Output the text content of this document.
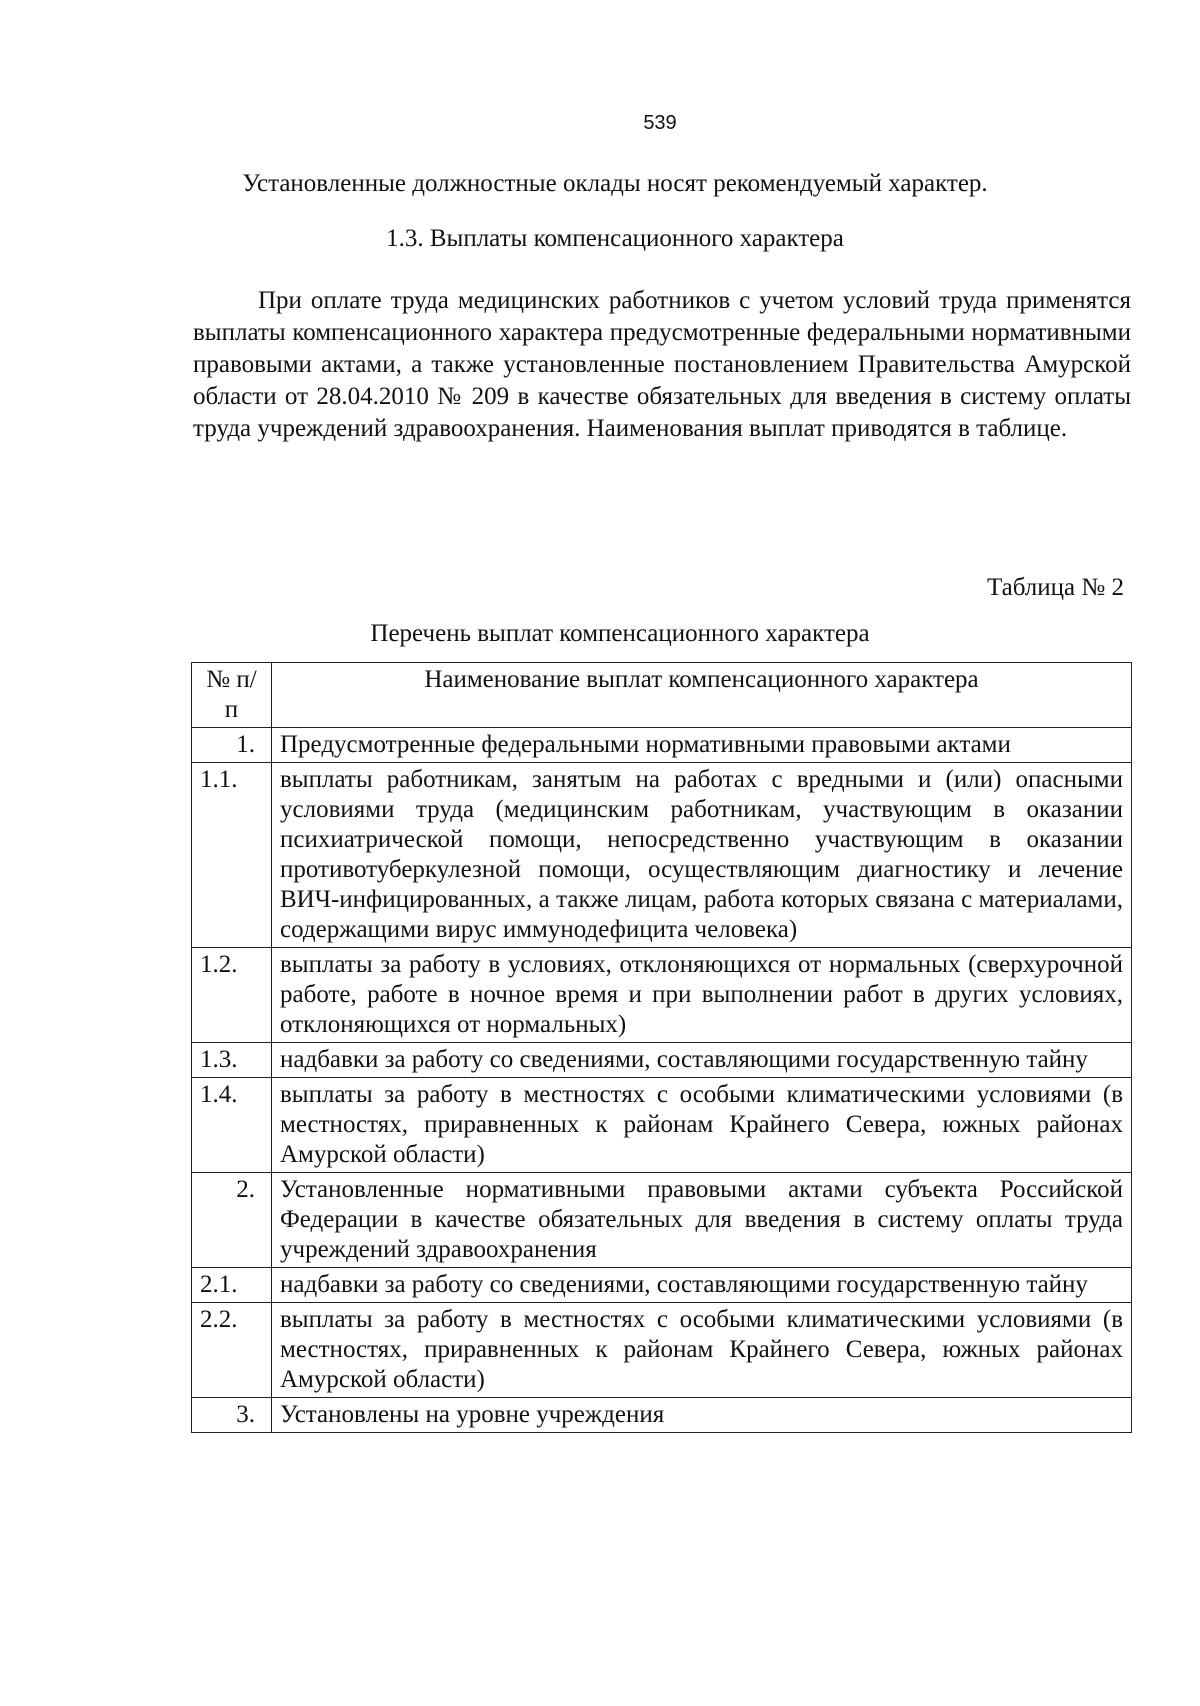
539
Установленные должностные оклады носят рекомендуемый характер.
1.3. Выплаты компенсационного характера

При оплате труда медицинских работников с учетом условий труда применятся выплаты компенсационного характера предусмотренные федеральными нормативными правовыми актами, а также установленные постановлением Правительства Амурской области от 28.04.2010 № 209 в качестве обязательных для введения в систему оплаты труда учреждений здравоохранения. Наименования выплат приводятся в таблице.

Таблица № 2
Перечень выплат компенсационного характера
№ п/п	Наименование выплат компенсационного характера
1.	Предусмотренные федеральными нормативными правовыми актами
1.1.	выплаты работникам, занятым на работах с вредными и (или) опасными условиями труда (медицинским работникам, участвующим в оказании психиатрической помощи, непосредственно участвующим в оказании противотуберкулезной помощи, осуществляющим диагностику и лечение ВИЧ-инфицированных, а также лицам, работа которых связана с материалами, содержащими вирус иммунодефицита человека)
1.2.	выплаты за работу в условиях, отклоняющихся от нормальных (сверхурочной работе, работе в ночное время и при выполнении работ в других условиях, отклоняющихся от нормальных)
1.3.	надбавки за работу со сведениями, составляющими государственную тайну
1.4.	выплаты за работу в местностях с особыми климатическими условиями (в местностях, приравненных к районам Крайнего Севера, южных районах Амурской области)
2.	Установленные нормативными правовыми актами субъекта Российской Федерации в качестве обязательных для введения в систему оплаты труда учреждений здравоохранения
2.1.	надбавки за работу со сведениями, составляющими государственную тайну
2.2.	выплаты за работу в местностях с особыми климатическими условиями (в местностях, приравненных к районам Крайнего Севера, южных районах Амурской области)
3.	Установлены на уровне учреждения
